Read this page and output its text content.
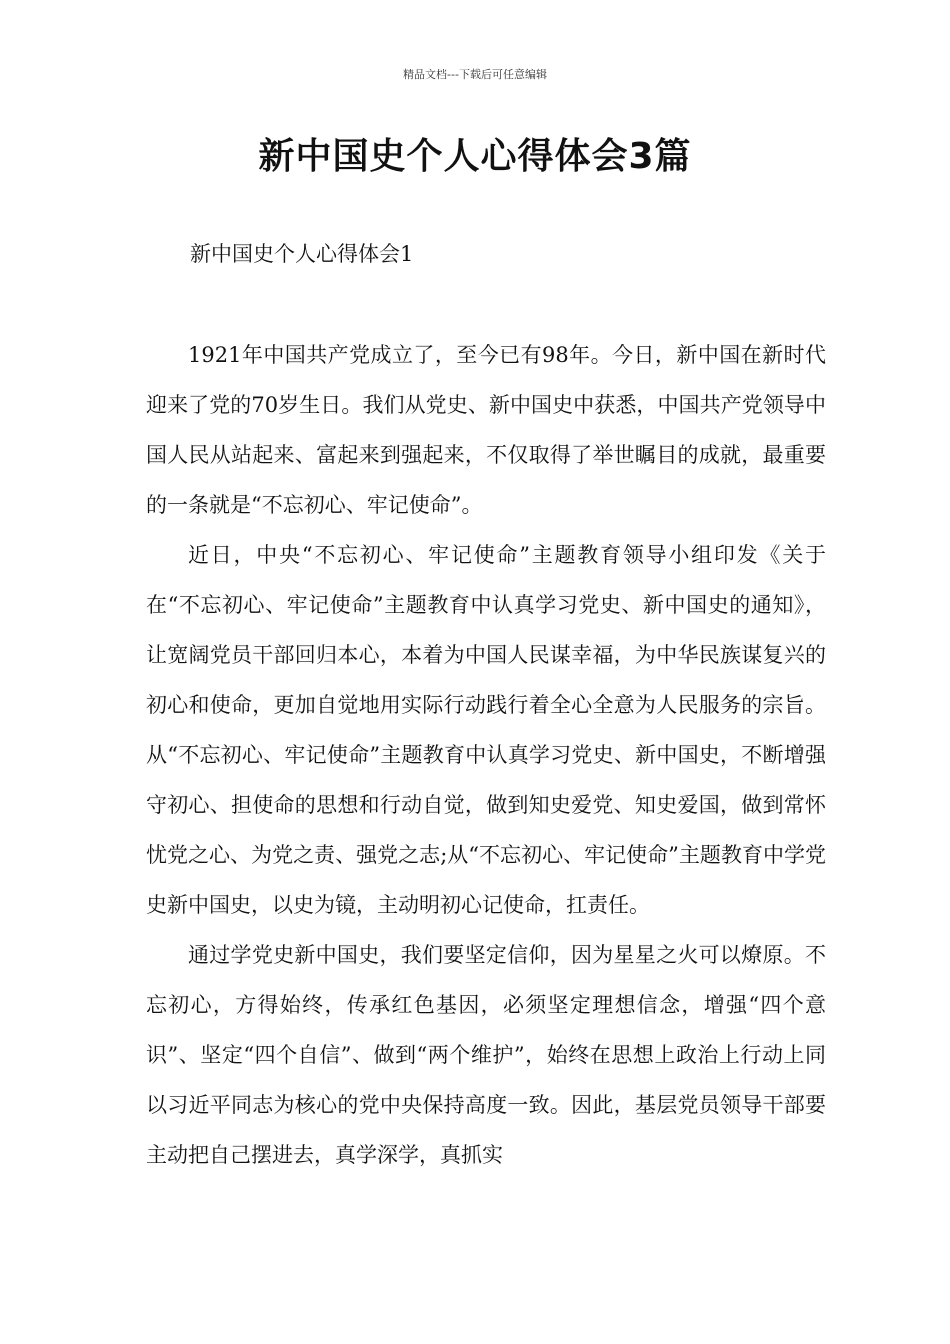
精品文档---下载后可任意编辑
新中国史个人心得体会3篇
新中国史个人心得体会1

1921年中国共产党成立了，至今已有98年。今日，新中国在新时代迎来了党的70岁生日。我们从党史、新中国史中获悉，中国共产党领导中国人民从站起来、富起来到强起来，不仅取得了举世瞩目的成就，最重要的一条就是“不忘初心、牢记使命”。

近日，中央“不忘初心、牢记使命”主题教育领导小组印发《关于在“不忘初心、牢记使命”主题教育中认真学习党史、新中国史的通知》，让宽阔党员干部回归本心，本着为中国人民谋幸福，为中华民族谋复兴的初心和使命，更加自觉地用实际行动践行着全心全意为人民服务的宗旨。从“不忘初心、牢记使命”主题教育中认真学习党史、新中国史，不断增强守初心、担使命的思想和行动自觉，做到知史爱党、知史爱国，做到常怀忧党之心、为党之责、强党之志;从“不忘初心、牢记使命”主题教育中学党史新中国史，以史为镜，主动明初心记使命，扛责任。

通过学党史新中国史，我们要坚定信仰，因为星星之火可以燎原。不忘初心，方得始终，传承红色基因，必须坚定理想信念，增强“四个意识”、坚定“四个自信”、做到“两个维护”，始终在思想上政治上行动上同以习近平同志为核心的党中央保持高度一致。因此，基层党员领导干部要主动把自己摆进去，真学深学，真抓实
